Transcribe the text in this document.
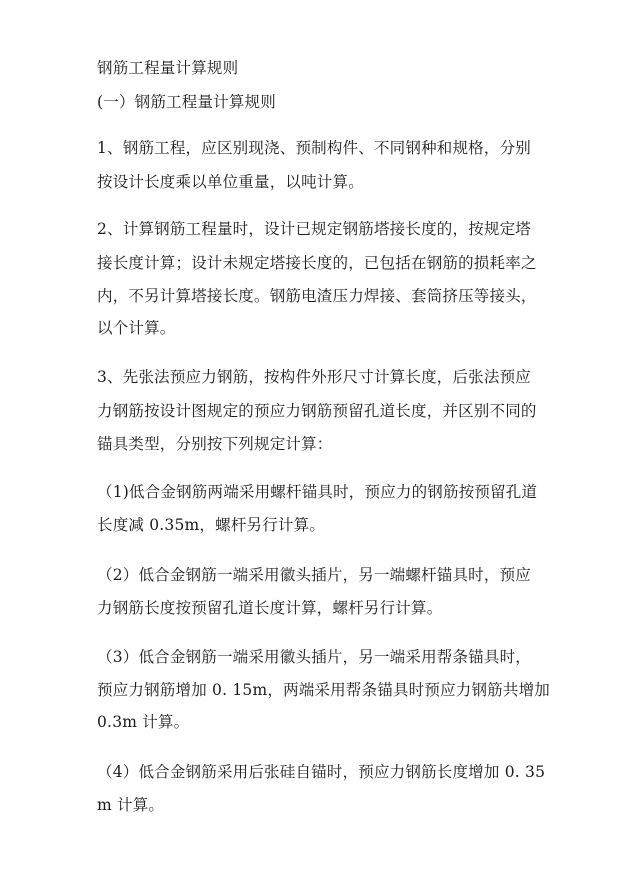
钢筋工程量计算规则
(一）钢筋工程量计算规则
1、钢筋工程，应区别现浇、预制构件、不同钢种和规格，分别
按设计长度乘以单位重量，以吨计算。
2、计算钢筋工程量时，设计已规定钢筋塔接长度的，按规定塔
接长度计算；设计未规定塔接长度的，已包括在钢筋的损耗率之
内，不另计算塔接长度。钢筋电渣压力焊接、套筒挤压等接头，
以个计算。
3、先张法预应力钢筋，按构件外形尺寸计算长度，后张法预应
力钢筋按设计图规定的预应力钢筋预留孔道长度，并区别不同的
锚具类型，分别按下列规定计算：
（1)低合金钢筋两端采用螺杆锚具时，预应力的钢筋按预留孔道
长度减 0.35m，螺杆另行计算。
（2）低合金钢筋一端采用徽头插片，另一端螺杆锚具时，预应
力钢筋长度按预留孔道长度计算，螺杆另行计算。
（3）低合金钢筋一端采用徽头插片，另一端采用帮条锚具时，
预应力钢筋增加 0. 15m，两端采用帮条锚具时预应力钢筋共增加
0.3m 计算。
（4）低合金钢筋采用后张硅自锚时，预应力钢筋长度增加 0. 35
m 计算。
